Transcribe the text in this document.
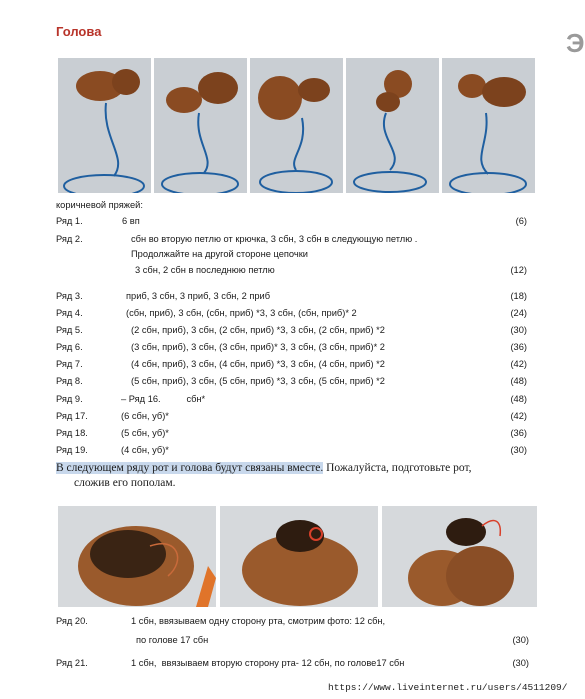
Голова	Э
коричневой пряжей:
Ряд 1.	6 вп	(6)
Ряд 2.	сбн во вторую петлю от крючка, 3 сбн, 3 сбн в следующую петлю .
Продолжайте на другой стороне цепочки
3 сбн, 2 сбн в последнюю петлю	(12)
Ряд 3.	приб, 3 сбн, 3 приб, 3 сбн, 2 приб	(18)
Ряд 4.	(сбн, приб), 3 сбн, (сбн, приб) *3, 3 сбн, (сбн, приб)* 2	(24)
Ряд 5.	(2 сбн, приб), 3 сбн, (2 сбн, приб) *3, 3 сбн, (2 сбн, приб) *2	(30)
Ряд 6.	(3 сбн, приб), 3 сбн, (3 сбн, приб)* 3, 3 сбн, (3 сбн, приб)* 2	(36)
Ряд 7.	(4 сбн, приб), 3 сбн, (4 сбн, приб) *3, 3 сбн, (4 сбн, приб) *2	(42)
Ряд 8.	(5 сбн, приб), 3 сбн, (5 сбн, приб) *3, 3 сбн, (5 сбн, приб) *2	(48)
Ряд 9.	– Ряд 16.          сбн*	(48)
Ряд 17.	(6 сбн, уб)*	(42)
Ряд 18.	(5 сбн, уб)*	(36)
Ряд 19.	(4 сбн, уб)*	(30)
В следующем ряду рот и голова будут связаны вместе. Пожалуйста, подготовьте рот,
сложив его пополам.
Ряд 20.	1 сбн, ввязываем одну сторону рта, смотрим фото: 12 сбн,
по голове 17 сбн	(30)
Ряд 21.	1 сбн,  ввязываем вторую сторону рта- 12 сбн, по голове17 сбн	(30)
https://www.liveinternet.ru/users/4511209/
